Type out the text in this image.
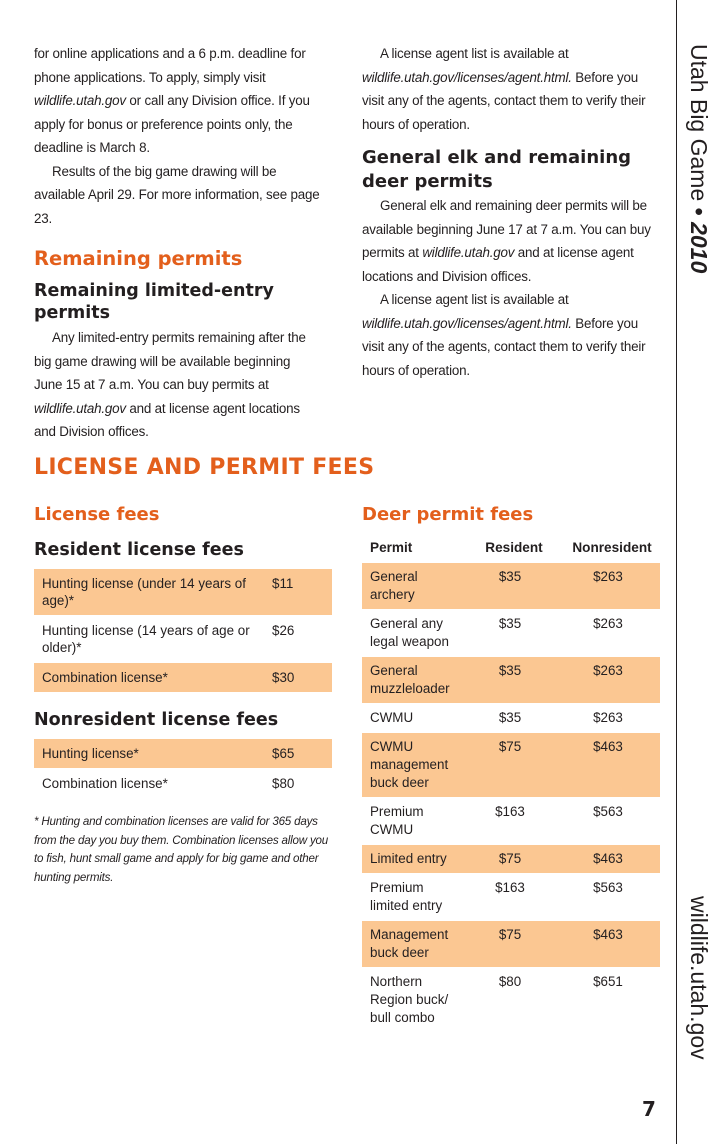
for online applications and a 6 p.m. deadline for phone applications. To apply, simply visit wildlife.utah.gov or call any Division office. If you apply for bonus or preference points only, the deadline is March 8.

Results of the big game drawing will be available April 29. For more information, see page 23.

Remaining permits
Remaining limited-entry permits

Any limited-entry permits remaining after the big game drawing will be available beginning June 15 at 7 a.m. You can buy permits at wildlife.utah.gov and at license agent locations and Division offices.

A license agent list is available at wildlife.utah.gov/licenses/agent.html. Before you visit any of the agents, contact them to verify their hours of operation.

General elk and remaining deer permits

General elk and remaining deer permits will be available beginning June 17 at 7 a.m. You can buy permits at wildlife.utah.gov and at license agent locations and Division offices.

A license agent list is available at wildlife.utah.gov/licenses/agent.html. Before you visit any of the agents, contact them to verify their hours of operation.

LICENSE AND PERMIT FEES
License fees
Resident license fees
Hunting license (under 14 years of age)*	$11
Hunting license (14 years of age or older)*	$26
Combination license*	$30
Nonresident license fees
Hunting license*	$65
Combination license*	$80

* Hunting and combination licenses are valid for 365 days from the day you buy them. Combination licenses allow you to fish, hunt small game and apply for big game and other hunting permits.

Deer permit fees
Permit	Resident	Nonresident
General archery	$35	$263
General any legal weapon	$35	$263
General muzzleloader	$35	$263
CWMU	$35	$263
CWMU management buck deer	$75	$463
Premium CWMU	$163	$563
Limited entry	$75	$463
Premium limited entry	$163	$563
Management buck deer	$75	$463
Northern Region buck/ bull combo	$80	$651
Utah Big Game • 2010
wildlife.utah.gov
7
